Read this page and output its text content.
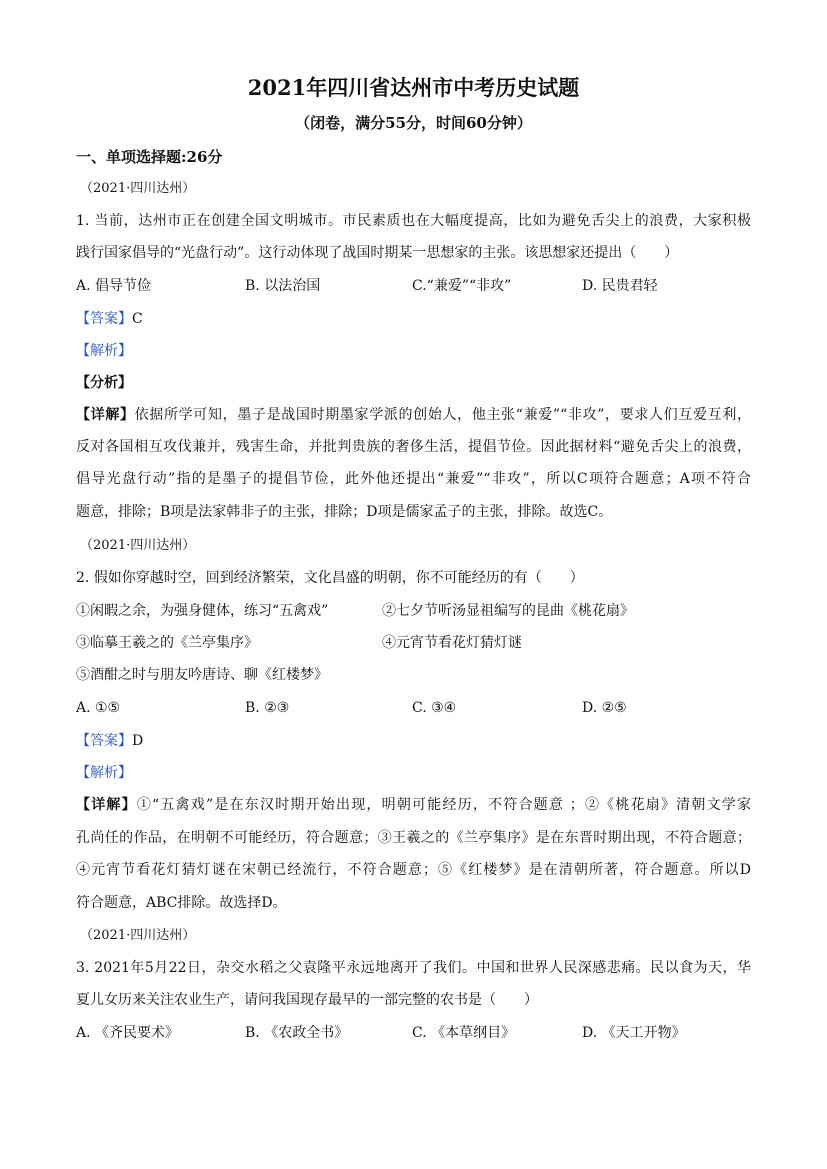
2021年四川省达州市中考历史试题
（闭卷，满分55分，时间60分钟）
一、单项选择题:26分
（2021·四川达州）
1. 当前，达州市正在创建全国文明城市。市民素质也在大幅度提高，比如为避免舌尖上的浪费，大家积极
践行国家倡导的“光盘行动”。这行动体现了战国时期某一思想家的主张。该思想家还提出（　　）
A. 倡导节俭	B. 以法治国	C.“兼爱”“非攻”	D. 民贵君轻
【答案】C
【解析】
【分析】
【详解】依据所学可知，墨子是战国时期墨家学派的创始人，他主张“兼爱”“非攻”，要求人们互爱互利，
反对各国相互攻伐兼并，残害生命，并批判贵族的奢侈生活，提倡节俭。因此据材料“避免舌尖上的浪费，
倡导光盘行动”指的是墨子的提倡节俭，此外他还提出“兼爱”“非攻”，所以C项符合题意；A项不符合
题意，排除；B项是法家韩非子的主张，排除；D项是儒家孟子的主张，排除。故选C。
（2021·四川达州）
2. 假如你穿越时空，回到经济繁荣，文化昌盛的明朝，你不可能经历的有（　　）
①闲暇之余，为强身健体，练习“五禽戏”	②七夕节听汤显祖编写的昆曲《桃花扇》
③临摹王羲之的《兰亭集序》	④元宵节看花灯猜灯谜
⑤酒酣之时与朋友吟唐诗、聊《红楼梦》
A. ①⑤	B. ②③	C. ③④	D. ②⑤
【答案】D
【解析】
【详解】①“五禽戏”是在东汉时期开始出现，明朝可能经历，不符合题意 ；②《桃花扇》清朝文学家
孔尚任的作品，在明朝不可能经历，符合题意；③王羲之的《兰亭集序》是在东晋时期出现，不符合题意；
④元宵节看花灯猜灯谜在宋朝已经流行，不符合题意；⑤《红楼梦》是在清朝所著，符合题意。所以D
符合题意，ABC排除。故选择D。
（2021·四川达州）
3. 2021年5月22日，杂交水稻之父袁隆平永远地离开了我们。中国和世界人民深感悲痛。民以食为天，华
夏儿女历来关注农业生产，请问我国现存最早的一部完整的农书是（　　）
A. 《齐民要术》	B. 《农政全书》	C. 《本草纲目》	D. 《天工开物》
